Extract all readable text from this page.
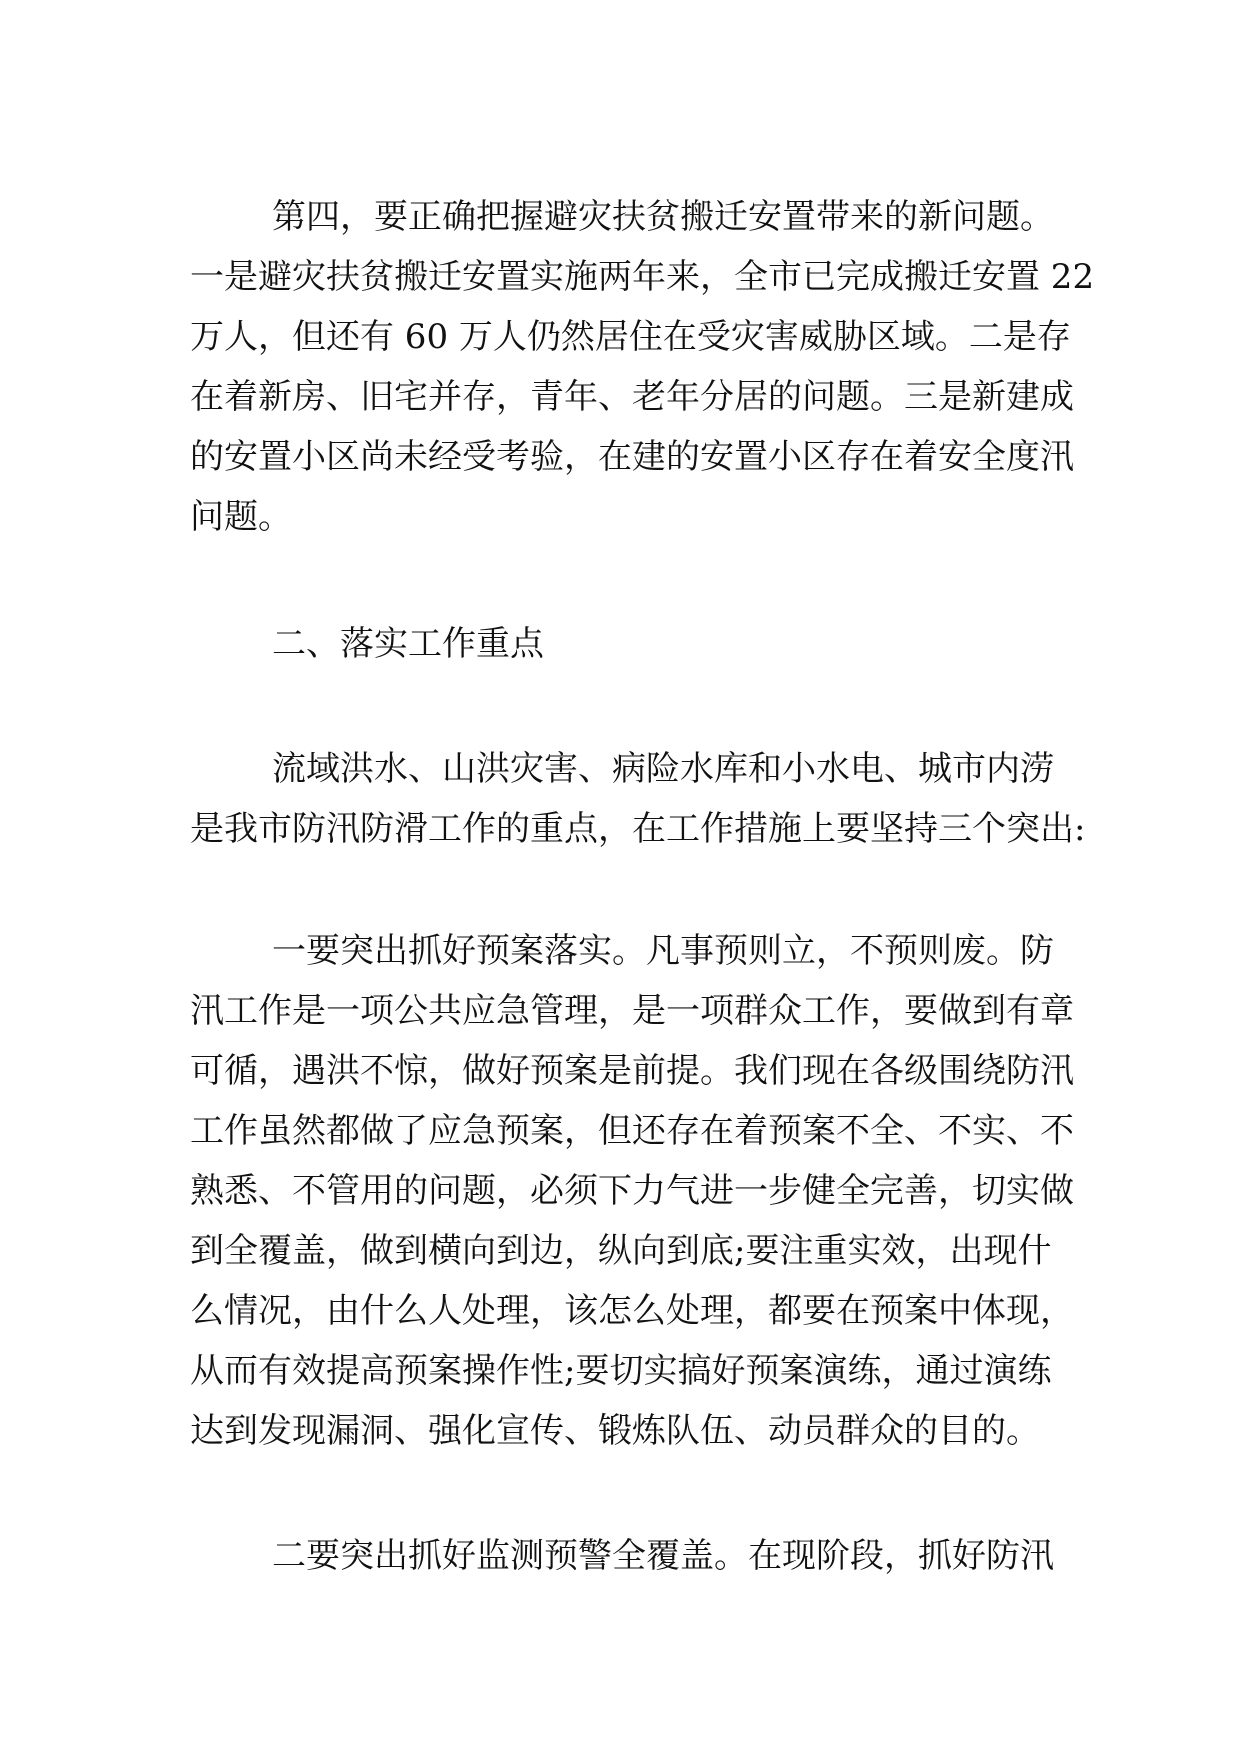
第四，要正确把握避灾扶贫搬迁安置带来的新问题。
一是避灾扶贫搬迁安置实施两年来，全市已完成搬迁安置 22
万人，但还有 60 万人仍然居住在受灾害威胁区域。二是存
在着新房、旧宅并存，青年、老年分居的问题。三是新建成
的安置小区尚未经受考验，在建的安置小区存在着安全度汛
问题。
二、落实工作重点
流域洪水、山洪灾害、病险水库和小水电、城市内涝
是我市防汛防滑工作的重点，在工作措施上要坚持三个突出:
一要突出抓好预案落实。凡事预则立，不预则废。防
汛工作是一项公共应急管理，是一项群众工作，要做到有章
可循，遇洪不惊，做好预案是前提。我们现在各级围绕防汛
工作虽然都做了应急预案，但还存在着预案不全、不实、不
熟悉、不管用的问题，必须下力气进一步健全完善，切实做
到全覆盖，做到横向到边，纵向到底;要注重实效，出现什
么情况，由什么人处理，该怎么处理，都要在预案中体现，
从而有效提高预案操作性;要切实搞好预案演练，通过演练
达到发现漏洞、强化宣传、锻炼队伍、动员群众的目的。
二要突出抓好监测预警全覆盖。在现阶段，抓好防汛
